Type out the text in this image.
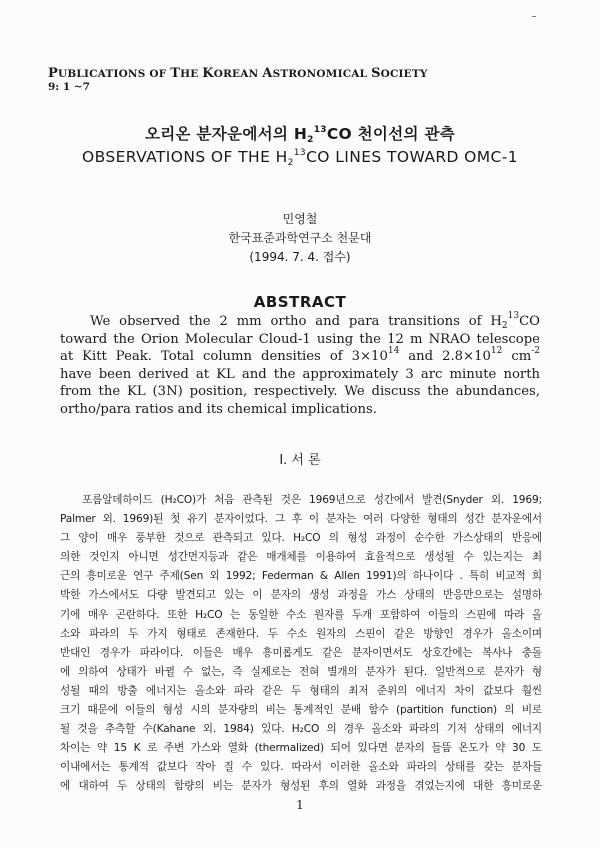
PUBLICATIONS OF THE KOREAN ASTRONOMICAL SOCIETY
9: 1 ~7
오리온 분자운에서의 $H_2^{13}CO$ 천이선의 관측
OBSERVATIONS OF THE $H_2^{13}CO$ LINES TOWARD OMC-1
민영철
한국표준과학연구소 천문대
(1994. 7. 4. 접수)
ABSTRACT
We observed the 2 mm ortho and para transitions of $H_2^{13}CO$
toward the Orion Molecular Cloud-1 using the 12 m NRAO telescope
at Kitt Peak. Total column densities of $3\times 10^{14}$ and $2.8\times 10^{12}$ $cm^{-2}$
have been derived at KL and the approximately 3 arc minute north
from the KL (3N) position, respectively. We discuss the abundances,
ortho/para ratios and its chemical implications.
I. 서 론
포름알데하이드 (H₂CO)가 처음 관측된 것은 1969년으로 성간에서 발견(Snyder 외. 1969;
Palmer 외. 1969)된 첫 유기 분자이었다. 그 후 이 분자는 여러 다양한 형태의 성간 분자운에서
그 양이 매우 풍부한 것으로 관측되고 있다. H₂CO 의 형성 과정이 순수한 가스상태의 반응에
의한 것인지 아니면 성간먼지등과 같은 매개체를 이용하여 효율적으로 생성될 수 있는지는 최
근의 흥미로운 연구 주제(Sen 외 1992; Federman & Allen 1991)의 하나이다 . 특히 비교적 희
박한 가스에서도 다량 발견되고 있는 이 분자의 생성 과정을 가스 상태의 반응만으로는 설명하
기에 매우 곤란하다. 또한 H₂CO 는 동일한 수소 원자를 두개 포함하여 이들의 스핀에 따라 올
소와 파라의 두 가지 형태로 존재한다. 두 수소 원자의 스핀이 같은 방향인 경우가 올소이며
반대인 경우가 파라이다. 이들은 매우 흥미롭게도 같은 분자이면서도 상호간에는 복사나 충돌
에 의하여 상태가 바뀔 수 없는, 즉 실제로는 전혀 별개의 분자가 된다. 일반적으로 분자가 형
성될 때의 방출 에너지는 올소와 파라 같은 두 형태의 최저 준위의 에너지 차이 값보다 훨씬
크기 때문에 이들의 형성 시의 분자량의 비는 통계적인 분배 함수 (partition function) 의 비로
될 것을 추측할 수(Kahane 외. 1984) 있다. H₂CO 의 경우 올소와 파라의 기저 상태의 에너지
차이는 약 15 K 로 주변 가스와 열화 (thermalized) 되어 있다면 분자의 들뜸 온도가 약 30 도
이내에서는 통계적 값보다 작아 질 수 있다. 따라서 이러한 올소와 파라의 상태를 갖는 분자들
에 대하여 두 상태의 함량의 비는 분자가 형성된 후의 열화 과정을 겪었는지에 대한 흥미로운
1
